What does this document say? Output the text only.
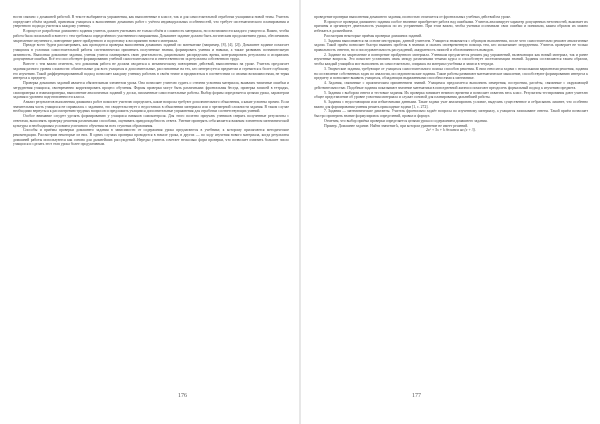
ности связано с домашней работой. В тексте выбираются упражнения, как выполненные в классе, так и для самостоятельной отработки учащимися новой темы. Учитель определяет объём заданий, привлекая учащихся к выполнению домашних работ с учётом индивидуальных особенностей, что требует систематического планирования и уверенного подхода учителя к каждому ученику.

В процессе разработки домашнего задания учитель должен учитывать не только объём и сложность материала, но и возможности каждого учащегося. Важно, чтобы работа была посильной и вместе с тем требовала определённого умственного напряжения. Домашнее задание должно быть логическим продолжением урока, обеспечивать закрепление изученного, повторение ранее пройденного и подготовку к восприятию нового материала.

Прежде всего будем рассматривать, как проводится проверка выполнения домашних заданий по математике (например, [8], [4], [2]). Домашнее задание помогает учащимся в условиях самостоятельной работы систематически применять полученные знания, формировать умения и навыки, а также развивать познавательную активность. Выполняя домашние задания, ученик учится планировать свою деятельность, рационально распределять время, контролировать результаты и исправлять допущенные ошибки. Всё это способствует формированию учебной самостоятельности и ответственности за результаты собственного труда.

Вместе с тем важно отметить, что домашняя работа не должна сводиться к механическому повторению действий, выполненных на уроке. Учитель предлагает задания разного уровня сложности: обязательные для всех учащихся и дополнительные, рассчитанные на тех, кто интересуется предметом и стремится к более глубокому его изучению. Такой дифференцированный подход позволяет каждому ученику работать в своём темпе и продвигаться в соответствии со своими возможностями, не теряя интереса к предмету.

Проверка домашних заданий является обязательным элементом урока. Она позволяет учителю судить о степени усвоения материала, выявлять типичные ошибки и затруднения учащихся, своевременно корректировать процесс обучения. Формы проверки могут быть различными: фронтальная беседа, проверка записей в тетрадях, самопроверка и взаимопроверка, выполнение аналогичных заданий у доски, письменные самостоятельные работы. Выбор формы определяется целями урока, характером задания и уровнем подготовленности класса.

Анализ результатов выполнения домашних работ помогает учителю определить, какие вопросы требуют дополнительного объяснения, а какие усвоены прочно. Если значительная часть учащихся не справилась с заданием, это свидетельствует о недостатках в объяснении материала или о чрезмерной сложности задания. В таком случае необходимо вернуться к рассмотрению трудных вопросов и предложить учащимся дополнительные упражнения для отработки соответствующих умений.

Особое внимание следует уделять формированию у учащихся навыков самоконтроля. Для этого полезно приучать учеников сверять полученные результаты с ответами, выполнять проверку решения различными способами, оценивать правдоподобность ответа. Умение проверять себя является важным элементом математической культуры и необходимым условием успешного обучения на всех ступенях образования.

Способы и приёмы проверки домашнего задания в зависимости от содержания урока предлагаются в учебнике, к которому прилагаются методические рекомендации. Рассмотрим некоторые из них. В одних случаях проверка проводится в начале урока, в других — по ходу изучения нового материала, когда результаты домашней работы используются как основа для дальнейших рассуждений. Нередко учитель сочетает несколько форм проверки, что позволяет охватить большее число учащихся и сделать этот этап урока более продуктивным.

176

проведение проверки выполнения домашнего задания, полностью отличается от фронтальных учебных действий на уроке.

В процессе проверки домашнего задания особое значение приобретает работа над ошибками. Учитель анализирует характер допущенных неточностей, выясняет их причины и организует деятельность учащихся по их устранению. При этом важно, чтобы ученики осознавали свои ошибки и понимали, каким образом их можно избежать в дальнейшем.

Рассмотрим некоторые приёмы проверки домашних заданий.

1. Задания выполняются на основе инструкции, данной учителем. Учащиеся знакомятся с образцом выполнения, после чего самостоятельно решают аналогичные задачи. Такой приём позволяет быстро выявить пробелы в знаниях и оказать своевременную помощь тем, кто испытывает затруднения. Учитель проверяет не только правильность ответов, но и последовательность рассуждений, аккуратность записей и обоснованность выводов.

2. Задание на закрепление и повторение пройденного материала. Ученикам предлагается решить ряд упражнений, включающих как новый материал, так и ранее изученные вопросы. Это помогает установить связь между различными темами курса и способствует систематизации знаний. Задания составляются таким образом, чтобы каждый учащийся мог выполнить их самостоятельно, опираясь на материал учебника и записи в тетради.

3. Творческие задания, требующие от учащихся самостоятельного поиска способов решения. К ним относятся задачи с несколькими вариантами решения, задания на составление собственных задач по аналогии, исследовательские задания. Такие работы развивают математическое мышление, способствуют формированию интереса к предмету и позволяют выявить учащихся, обладающих выраженными способностями к математике.

4. Задания, связанные с практическим применением знаний. Учащимся предлагается выполнить измерения, построения, расчёты, связанные с окружающей действительностью. Подобные задания показывают значение математики в повседневной жизни и помогают преодолеть формальный подход к изучению предмета.

5. Задания с выбором ответа и тестовые задания. Их проверка занимает немного времени и позволяет охватить весь класс. Результаты тестирования дают учителю общее представление об уровне усвоения материала и служат основой для планирования дальнейшей работы.

6. Задания с недостающими или избыточными данными. Такие задачи учат анализировать условие, выделять существенное и отбрасывать лишнее, что особенно важно для формирования умения решать прикладные задачи [1, с. 272].

7. Задания — математические диктанты. Учитель фронтально задаёт вопросы по изученному материалу, а учащиеся записывают ответы. Такой приём позволяет быстро проверить знание формулировок определений, правил и формул.

Отметим, что выбор приёма проверки определяется целями урока и содержанием домашнего задания.

Пример. Домашнее задание. Найти значение k, при котором уравнение не имеет решений.

2x² + 5x + k делится на (x + 3).

177
